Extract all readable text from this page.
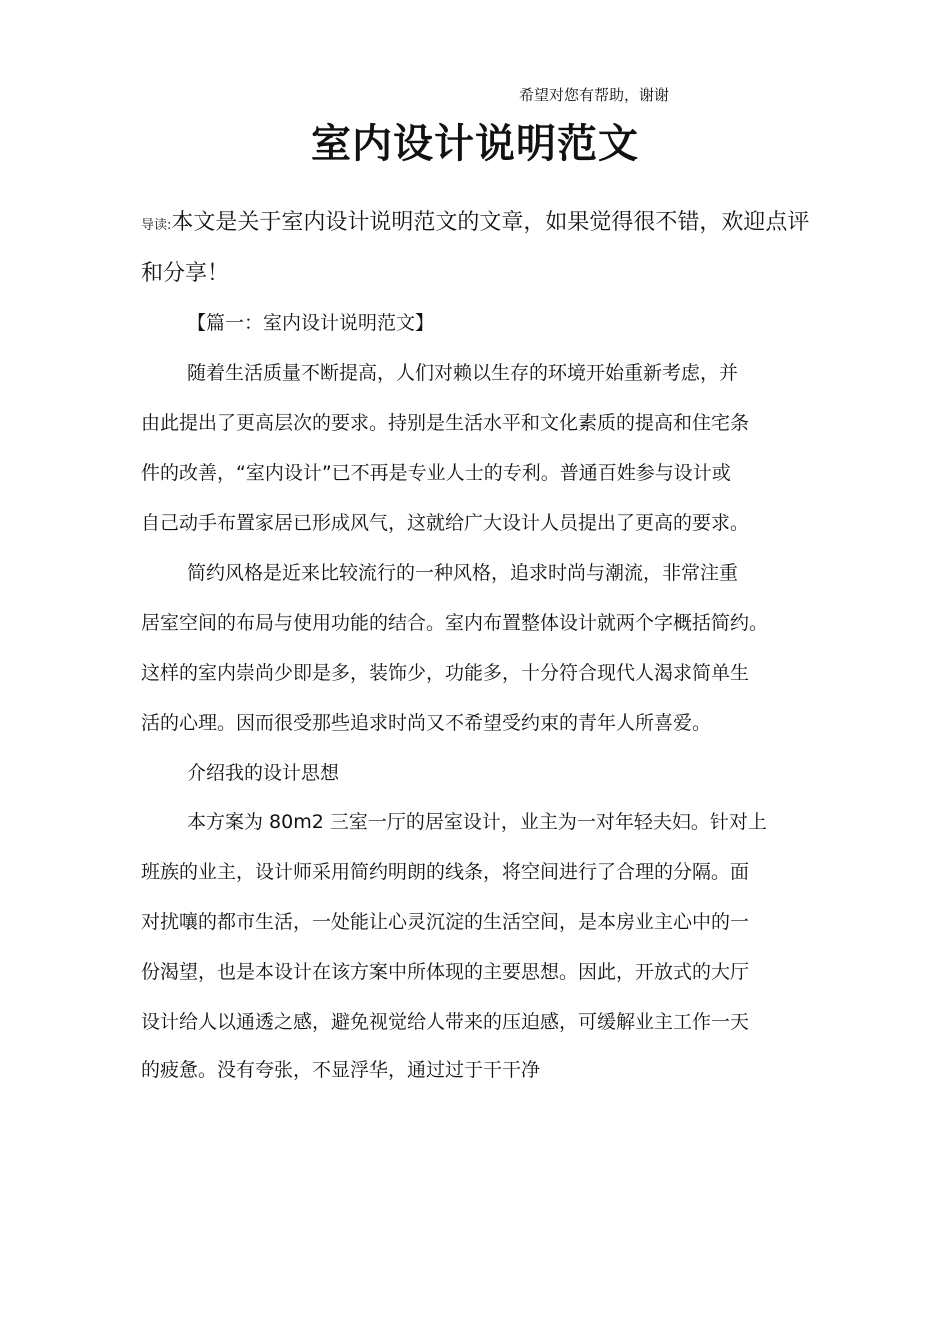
希望对您有帮助，谢谢
室内设计说明范文
导读:本文是关于室内设计说明范文的文章，如果觉得很不错，欢迎点评和分享！
【篇一：室内设计说明范文】
随着生活质量不断提高，人们对赖以生存的环境开始重新考虑，并
由此提出了更高层次的要求。持别是生活水平和文化素质的提高和住宅条
件的改善，“室内设计”已不再是专业人士的专利。普通百姓参与设计或
自己动手布置家居已形成风气，这就给广大设计人员提出了更高的要求。
简约风格是近来比较流行的一种风格，追求时尚与潮流，非常注重
居室空间的布局与使用功能的结合。室内布置整体设计就两个字概括简约。
这样的室内崇尚少即是多，装饰少，功能多，十分符合现代人渴求简单生
活的心理。因而很受那些追求时尚又不希望受约束的青年人所喜爱。
介绍我的设计思想
本方案为 80m2 三室一厅的居室设计，业主为一对年轻夫妇。针对上
班族的业主，设计师采用简约明朗的线条，将空间进行了合理的分隔。面
对扰嚷的都市生活，一处能让心灵沉淀的生活空间，是本房业主心中的一
份渴望，也是本设计在该方案中所体现的主要思想。因此，开放式的大厅
设计给人以通透之感，避免视觉给人带来的压迫感，可缓解业主工作一天
的疲惫。没有夸张，不显浮华，通过过于干干净
